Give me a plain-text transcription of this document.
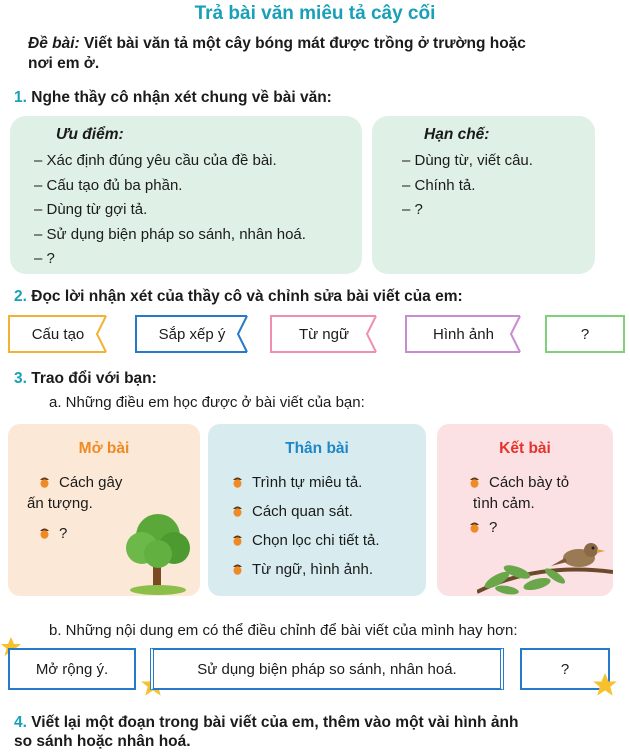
Trả bài văn miêu tả cây cối
Đề bài: Viết bài văn tả một cây bóng mát được trồng ở trường hoặc
nơi em ở.
1. Nghe thầy cô nhận xét chung về bài văn:
Ưu điểm:
– Xác định đúng yêu cầu của đề bài.
– Cấu tạo đủ ba phần.
– Dùng từ gợi tả.
– Sử dụng biện pháp so sánh, nhân hoá.
– ?
Hạn chế:
– Dùng từ, viết câu.
– Chính tả.
– ?
2. Đọc lời nhận xét của thầy cô và chỉnh sửa bài viết của em:
Cấu tạo	Sắp xếp ý	Từ ngữ	Hình ảnh	?
3. Trao đổi với bạn:
a. Những điều em học được ở bài viết của bạn:
Mở bài
Cách gây
ấn tượng.
?
Thân bài
Trình tự miêu tả.
Cách quan sát.
Chọn lọc chi tiết tả.
Từ ngữ, hình ảnh.
Kết bài
Cách bày tỏ
tình cảm.
?
b. Những nội dung em có thể điều chỉnh để bài viết của mình hay hơn:
Mở rộng ý.	Sử dụng biện pháp so sánh, nhân hoá.	?
4. Viết lại một đoạn trong bài viết của em, thêm vào một vài hình ảnh
so sánh hoặc nhân hoá.
